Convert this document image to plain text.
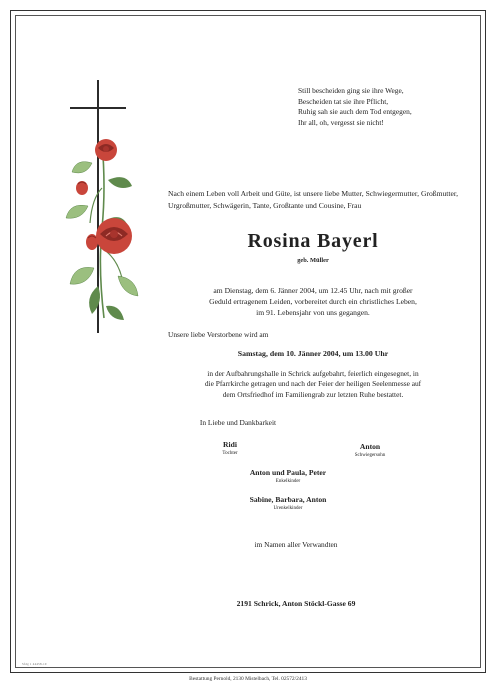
Still bescheiden ging sie ihre Wege,
Bescheiden tat sie ihre Pflicht,
Ruhig sah sie auch dem Tod entgegen,
Ihr all, oh, vergesst sie nicht!
Nach einem Leben voll Arbeit und Güte, ist unsere liebe Mutter, Schwiegermutter, Großmutter, Urgroßmutter, Schwägerin, Tante, Großtante und Cousine, Frau
Rosina Bayerl
geb. Müller
am Dienstag, dem 6. Jänner 2004, um 12.45 Uhr, nach mit großer
Geduld ertragenem Leiden, vorbereitet durch ein christliches Leben,
im 91. Lebensjahr von uns gegangen.
Unsere liebe Verstorbene wird am
Samstag, dem 10. Jänner 2004, um 13.00 Uhr
in der Aufbahrungshalle in Schrick aufgebahrt, feierlich eingesegnet, in
die Pfarrkirche getragen und nach der Feier der heiligen Seelenmesse auf
dem Ortsfriedhof im Familiengrab zur letzten Ruhe bestattet.
In Liebe und Dankbarkeit
Ridi
Tochter
Anton
Schwiegersohn
Anton und Paula, Peter
Enkelkinder
Sabine, Barbara, Anton
Urenkelkinder
im Namen aller Verwandten
2191 Schrick, Anton Stöckl-Gasse 69
Sfdg 1 44458-10
Bestattung Pernold, 2130 Mistelbach, Tel. 02572/2413
